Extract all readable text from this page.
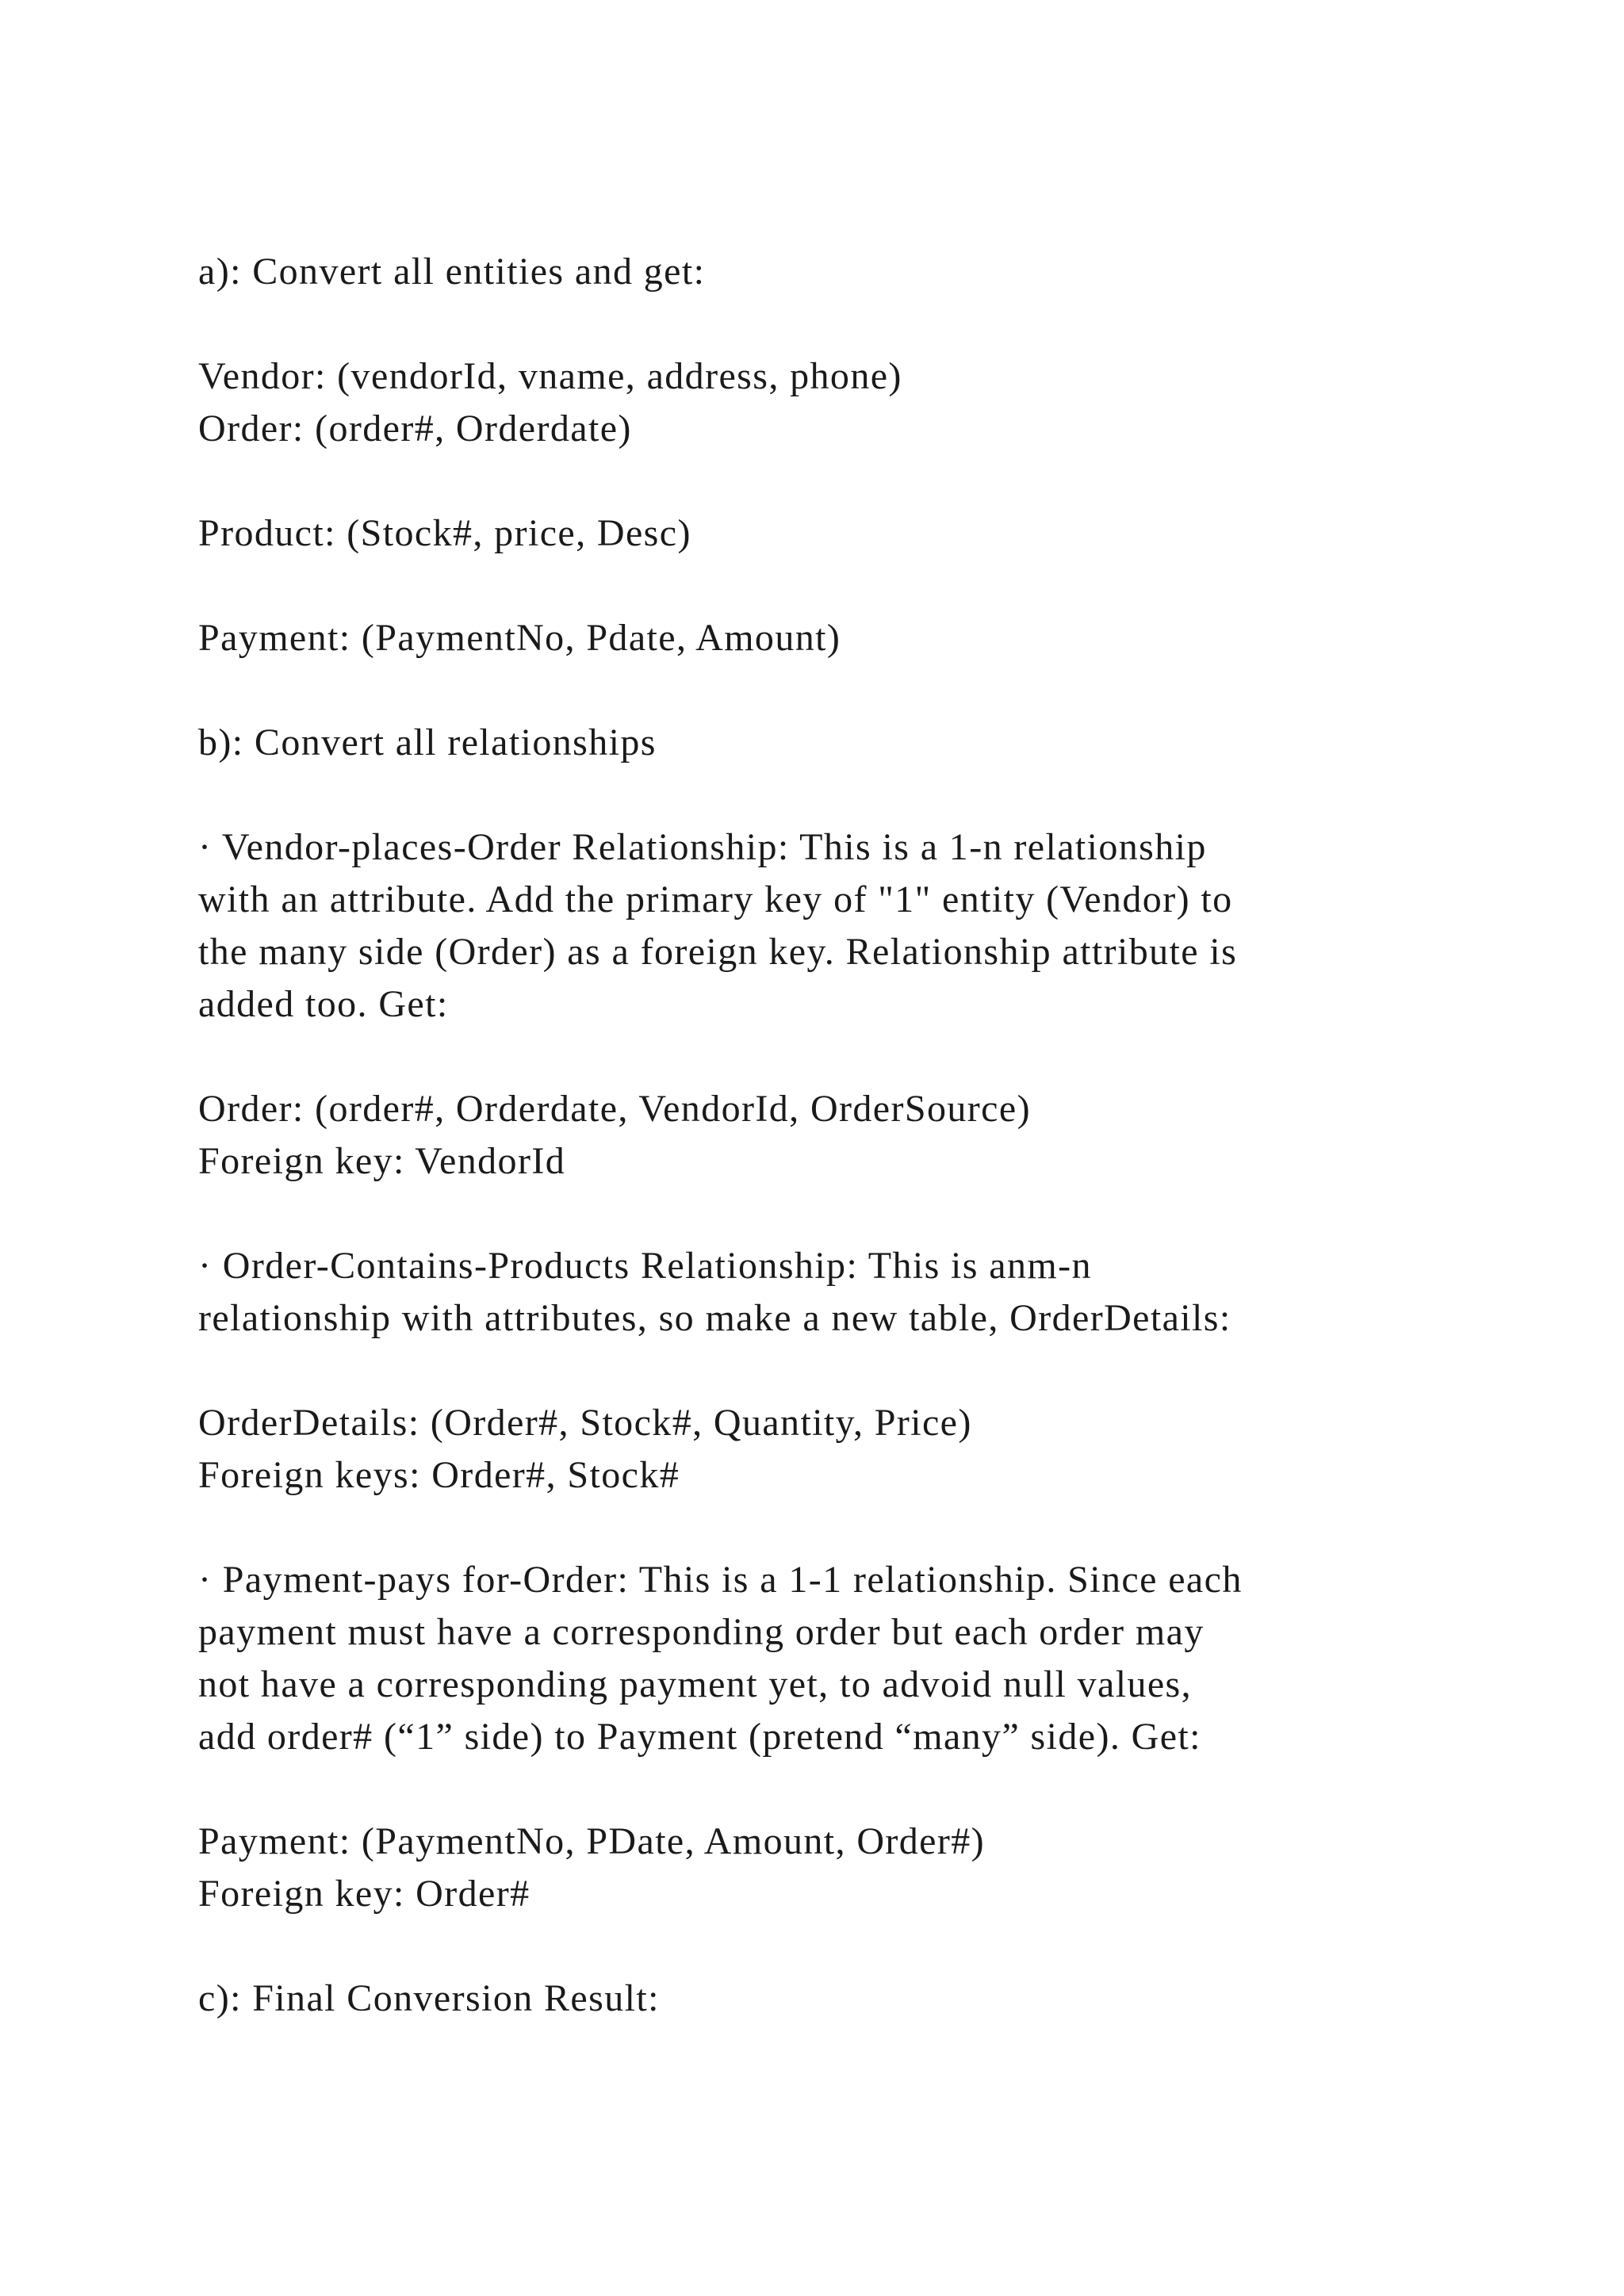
a): Convert all entities and get:
Vendor: (vendorId, vname, address, phone)
Order: (order#, Orderdate)
Product: (Stock#, price, Desc)
Payment: (PaymentNo, Pdate, Amount)
b): Convert all relationships
· Vendor-places-Order Relationship: This is a 1-n relationship
with an attribute. Add the primary key of "1" entity (Vendor) to
the many side (Order) as a foreign key. Relationship attribute is
added too. Get:
Order: (order#, Orderdate, VendorId, OrderSource)
Foreign key: VendorId
· Order-Contains-Products Relationship: This is anm-n
relationship with attributes, so make a new table, OrderDetails:
OrderDetails: (Order#, Stock#, Quantity, Price)
Foreign keys: Order#, Stock#
· Payment-pays for-Order: This is a 1-1 relationship. Since each
payment must have a corresponding order but each order may
not have a corresponding payment yet, to advoid null values,
add order# (“1” side) to Payment (pretend “many” side). Get:
Payment: (PaymentNo, PDate, Amount, Order#)
Foreign key: Order#
c): Final Conversion Result:
